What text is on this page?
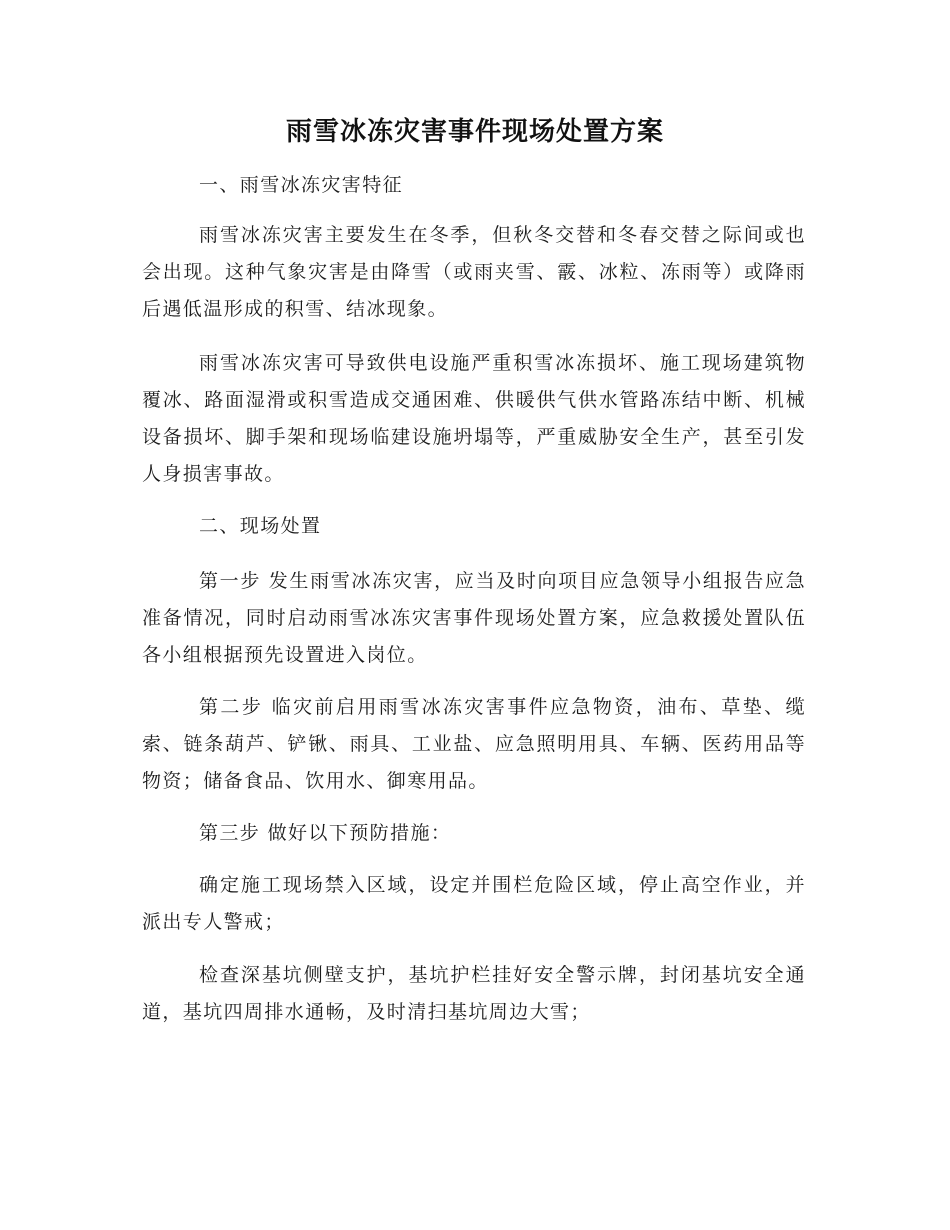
雨雪冰冻灾害事件现场处置方案

一、雨雪冰冻灾害特征

雨雪冰冻灾害主要发生在冬季，但秋冬交替和冬春交替之际间或也会出现。这种气象灾害是由降雪（或雨夹雪、霰、冰粒、冻雨等）或降雨后遇低温形成的积雪、结冰现象。

雨雪冰冻灾害可导致供电设施严重积雪冰冻损坏、施工现场建筑物覆冰、路面湿滑或积雪造成交通困难、供暖供气供水管路冻结中断、机械设备损坏、脚手架和现场临建设施坍塌等，严重威胁安全生产，甚至引发人身损害事故。

二、现场处置

第一步 发生雨雪冰冻灾害，应当及时向项目应急领导小组报告应急准备情况，同时启动雨雪冰冻灾害事件现场处置方案，应急救援处置队伍各小组根据预先设置进入岗位。

第二步 临灾前启用雨雪冰冻灾害事件应急物资，油布、草垫、缆索、链条葫芦、铲锹、雨具、工业盐、应急照明用具、车辆、医药用品等物资；储备食品、饮用水、御寒用品。

第三步 做好以下预防措施：

确定施工现场禁入区域，设定并围栏危险区域，停止高空作业，并派出专人警戒；

检查深基坑侧壁支护，基坑护栏挂好安全警示牌，封闭基坑安全通道，基坑四周排水通畅，及时清扫基坑周边大雪；
